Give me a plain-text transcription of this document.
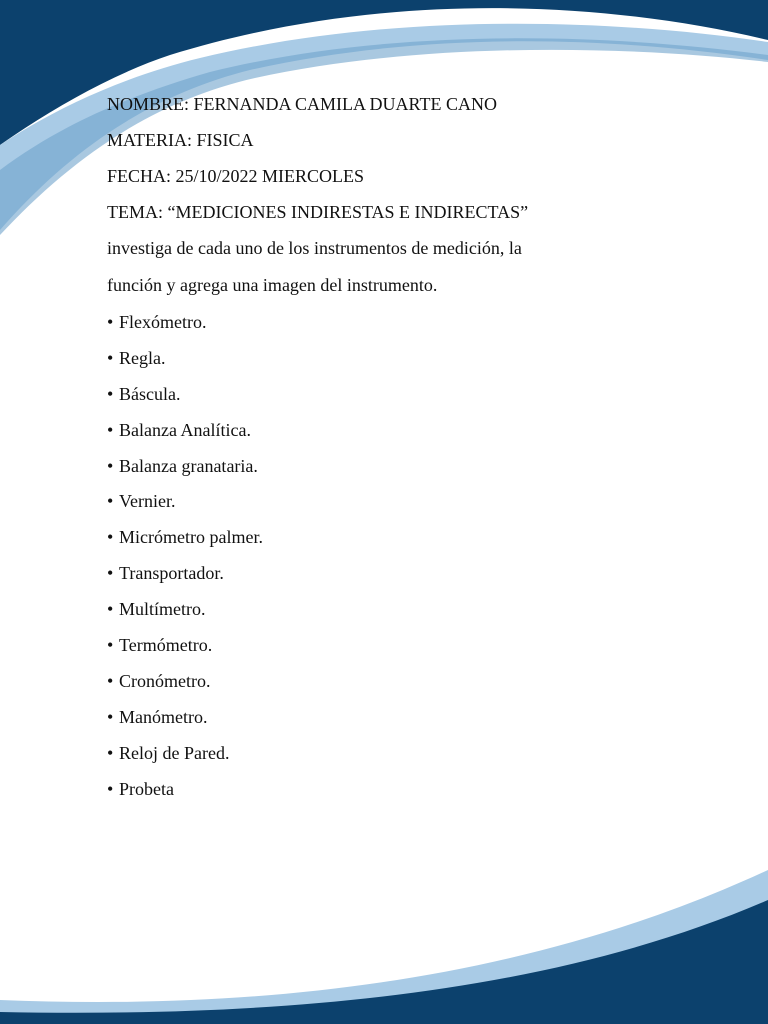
NOMBRE: FERNANDA CAMILA DUARTE CANO
MATERIA: FISICA
FECHA: 25/10/2022 MIERCOLES
TEMA: “MEDICIONES INDIRESTAS E INDIRECTAS”
investiga de cada uno de los instrumentos de medición, la
función y agrega una imagen del instrumento.
• Flexómetro.
• Regla.
• Báscula.
• Balanza Analítica.
• Balanza granataria.
• Vernier.
• Micrómetro palmer.
• Transportador.
• Multímetro.
• Termómetro.
• Cronómetro.
• Manómetro.
• Reloj de Pared.
• Probeta
